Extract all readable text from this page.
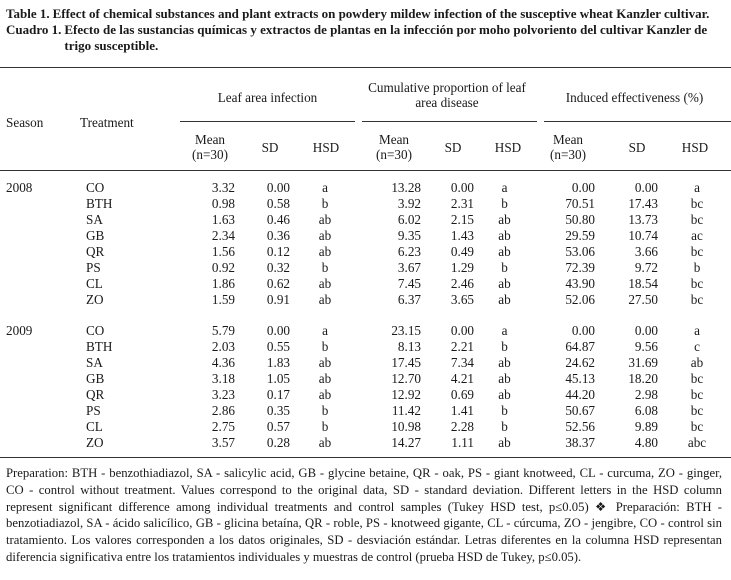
Table 1. Effect of chemical substances and plant extracts on powdery mildew infection of the susceptive wheat Kanzler cultivar.
Cuadro 1. Efecto de las sustancias químicas y extractos de plantas en la infección por moho polvoriento del cultivar Kanzler de trigo susceptible.
Leaf area infection
Cumulative proportion of leaf area disease	Induced effectiveness (%)
Season	Treatment
Mean (n=30)	SD	HSD
Mean (n=30)	SD	HSD
Mean (n=30)	SD	HSD
2008	CO	3.32	0.00	a	13.28	0.00	a	0.00	0.00	a
	BTH	0.98	0.58	b	3.92	2.31	b	70.51	17.43	bc
	SA	1.63	0.46	ab	6.02	2.15	ab	50.80	13.73	bc
	GB	2.34	0.36	ab	9.35	1.43	ab	29.59	10.74	ac
	QR	1.56	0.12	ab	6.23	0.49	ab	53.06	3.66	bc
	PS	0.92	0.32	b	3.67	1.29	b	72.39	9.72	b
	CL	1.86	0.62	ab	7.45	2.46	ab	43.90	18.54	bc
	ZO	1.59	0.91	ab	6.37	3.65	ab	52.06	27.50	bc
2009	CO	5.79	0.00	a	23.15	0.00	a	0.00	0.00	a
	BTH	2.03	0.55	b	8.13	2.21	b	64.87	9.56	c
	SA	4.36	1.83	ab	17.45	7.34	ab	24.62	31.69	ab
	GB	3.18	1.05	ab	12.70	4.21	ab	45.13	18.20	bc
	QR	3.23	0.17	ab	12.92	0.69	ab	44.20	2.98	bc
	PS	2.86	0.35	b	11.42	1.41	b	50.67	6.08	bc
	CL	2.75	0.57	b	10.98	2.28	b	52.56	9.89	bc
	ZO	3.57	0.28	ab	14.27	1.11	ab	38.37	4.80	abc
Preparation: BTH - benzothiadiazol, SA - salicylic acid, GB - glycine betaine, QR - oak, PS - giant knotweed, CL - curcuma, ZO - ginger, CO - control without treatment. Values correspond to the original data, SD - standard deviation. Different letters in the HSD column represent significant difference among individual treatments and control samples (Tukey HSD test, p≤0.05) ❖ Preparación: BTH - benzotiadiazol, SA - ácido salicílico, GB - glicina betaína, QR - roble, PS - knotweed gigante, CL - cúrcuma, ZO - jengibre, CO - control sin tratamiento. Los valores corresponden a los datos originales, SD - desviación estándar. Letras diferentes en la columna HSD representan diferencia significativa entre los tratamientos individuales y muestras de control (prueba HSD de Tukey, p≤0.05).
